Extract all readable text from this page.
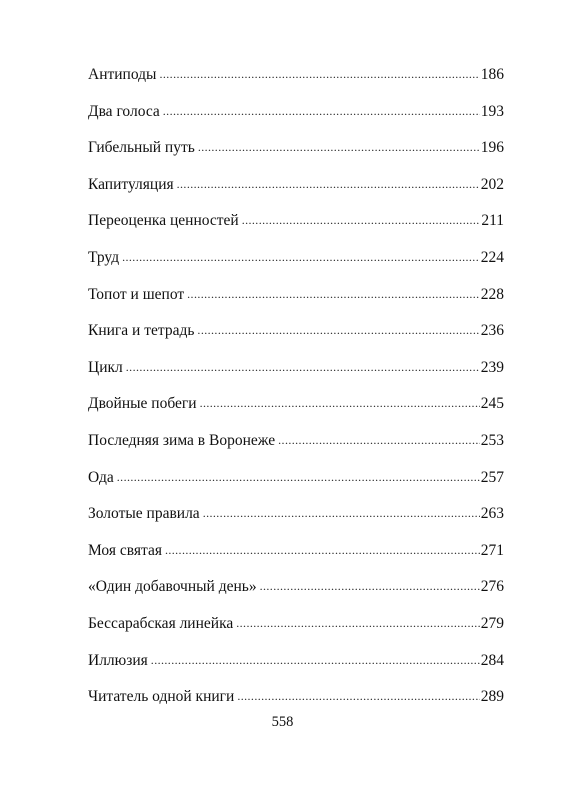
Антиподы .....	186
Два голоса .....	193
Гибельный путь .....	196
Капитуляция .....	202
Переоценка ценностей .....	211
Труд .....	224
Топот и шепот .....	228
Книга и тетрадь .....	236
Цикл .....	239
Двойные побеги .....	245
Последняя зима в Воронеже .....	253
Ода .....	257
Золотые правила .....	263
Моя святая .....	271
«Один добавочный день» .....	276
Бессарабская линейка .....	279
Иллюзия .....	284
Читатель одной книги .....	289
558
